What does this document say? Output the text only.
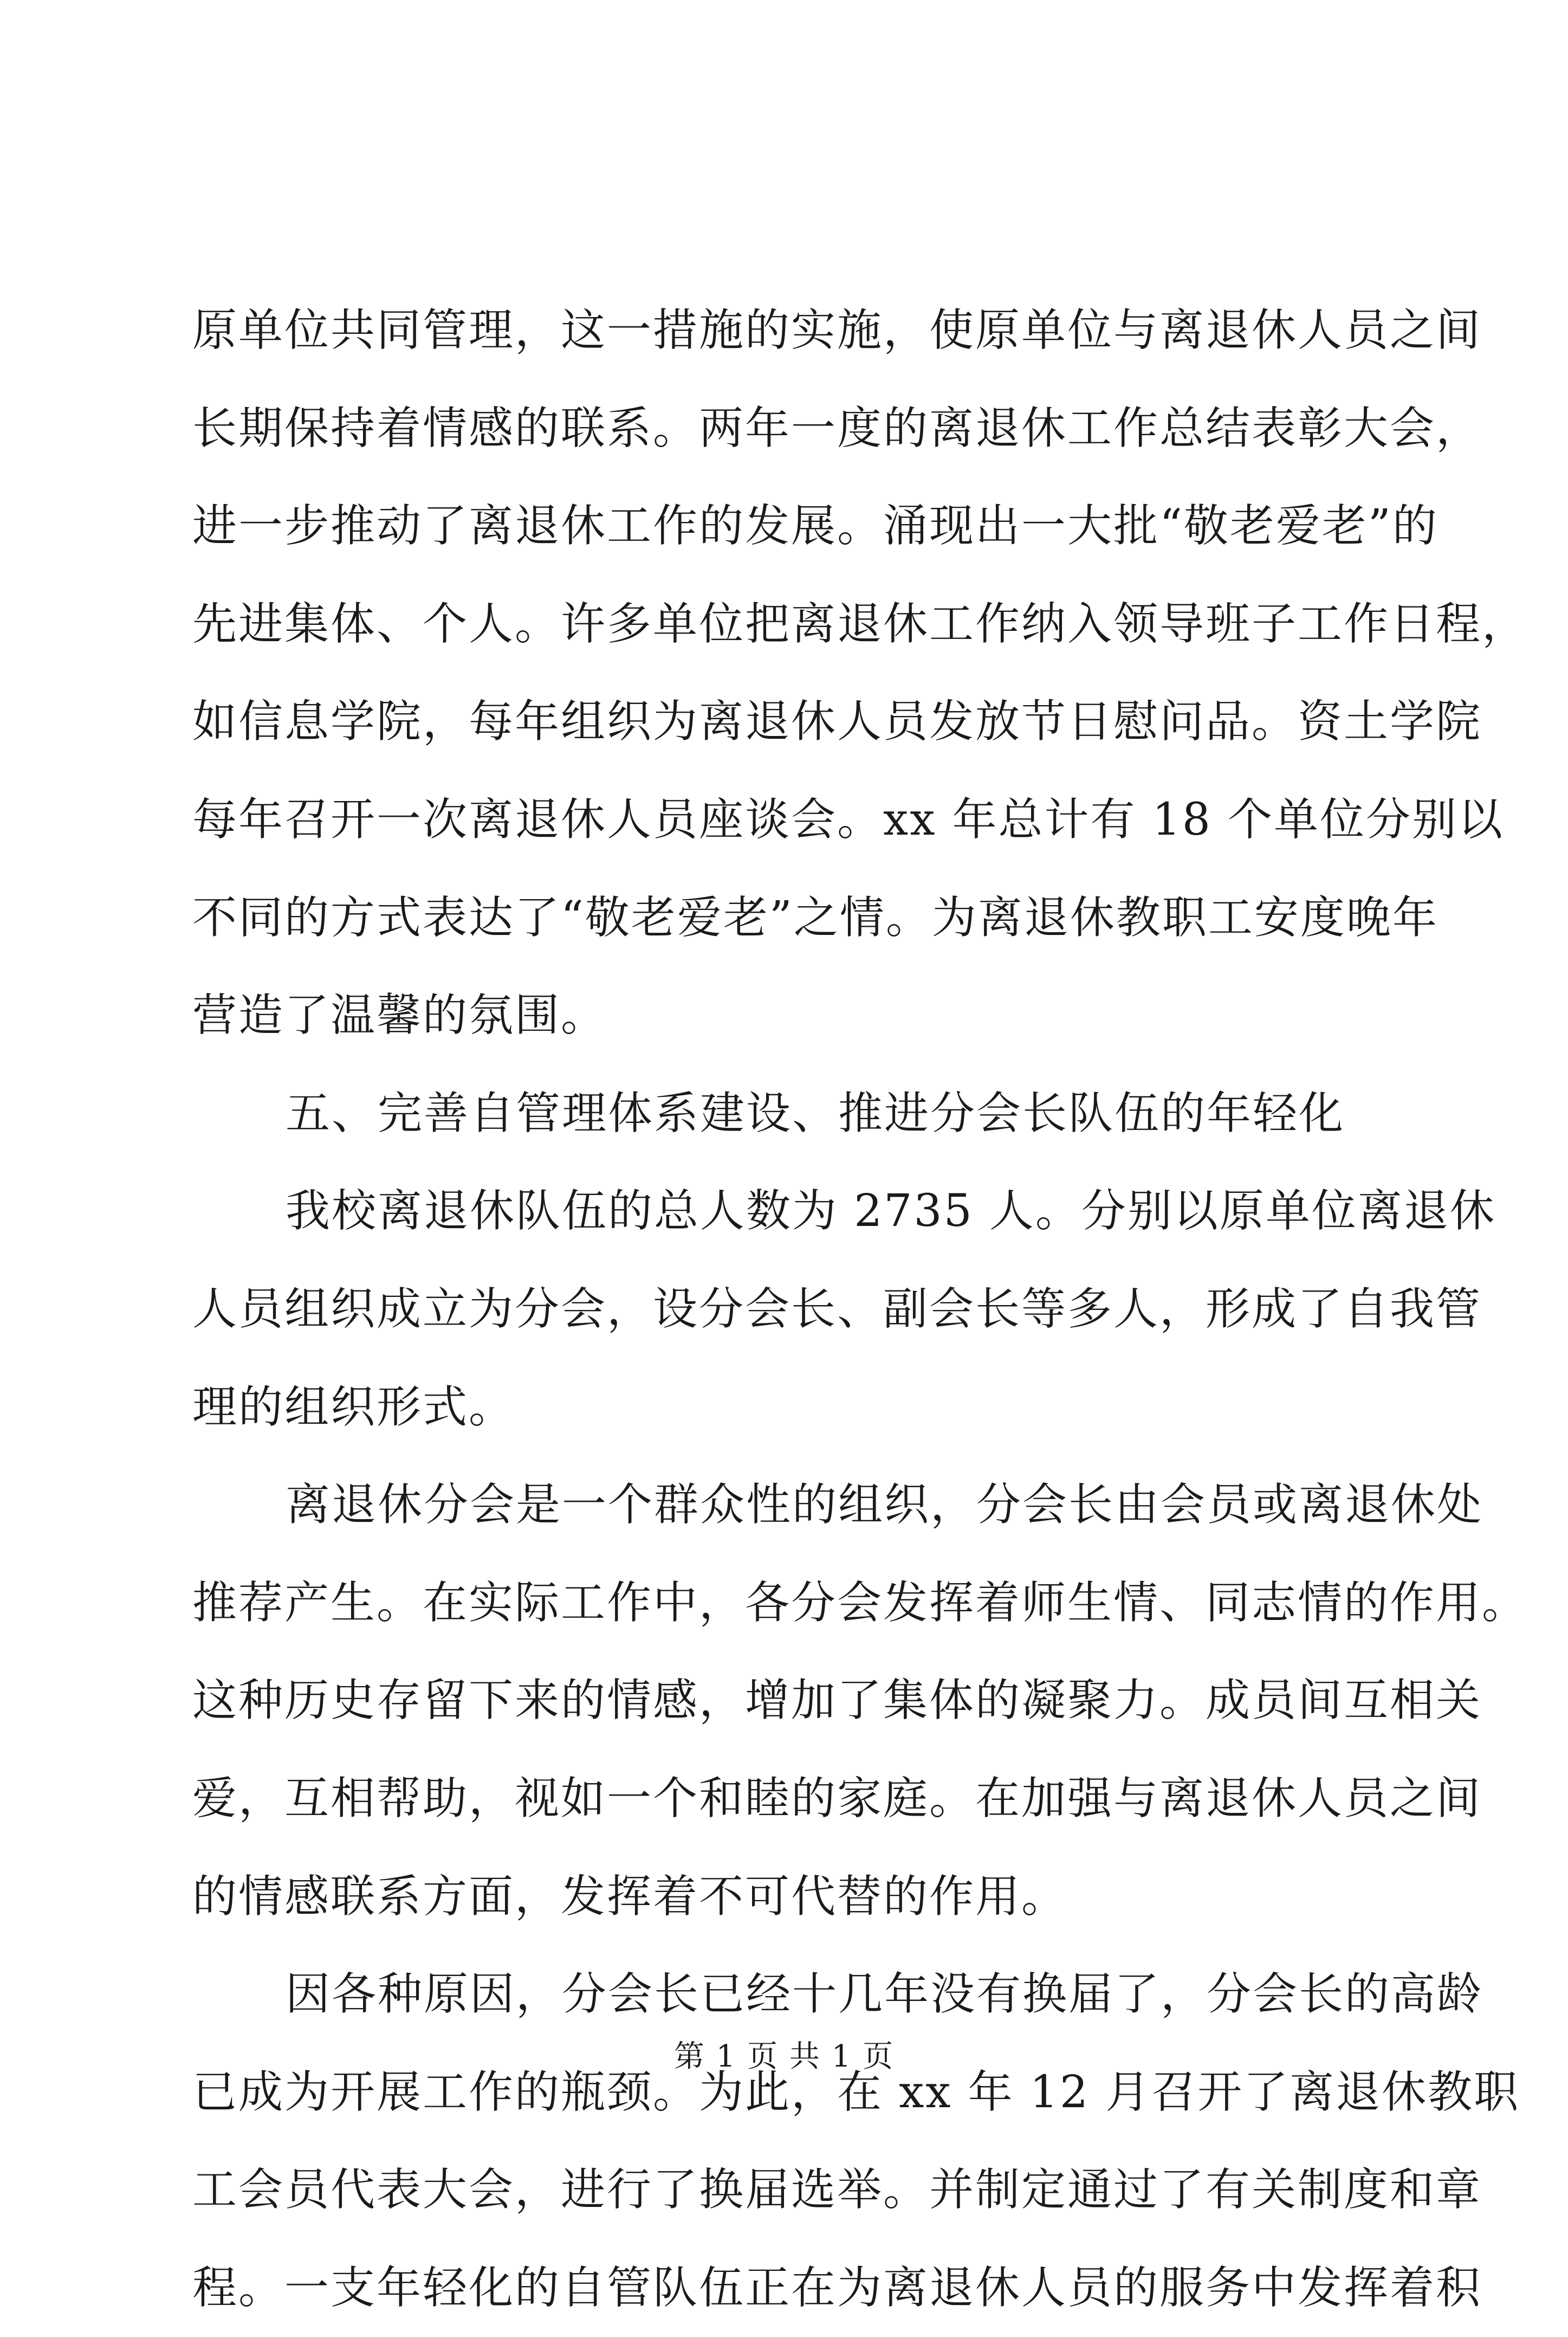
原单位共同管理，这一措施的实施，使原单位与离退休人员之间
长期保持着情感的联系。两年一度的离退休工作总结表彰大会，
进一步推动了离退休工作的发展。涌现出一大批“敬老爱老”的
先进集体、个人。许多单位把离退休工作纳入领导班子工作日程，
如信息学院，每年组织为离退休人员发放节日慰问品。资土学院
每年召开一次离退休人员座谈会。xx 年总计有 18 个单位分别以
不同的方式表达了“敬老爱老”之情。为离退休教职工安度晚年
营造了温馨的氛围。
五、完善自管理体系建设、推进分会长队伍的年轻化
我校离退休队伍的总人数为 2735 人。分别以原单位离退休
人员组织成立为分会，设分会长、副会长等多人，形成了自我管
理的组织形式。
离退休分会是一个群众性的组织，分会长由会员或离退休处
推荐产生。在实际工作中，各分会发挥着师生情、同志情的作用。
这种历史存留下来的情感，增加了集体的凝聚力。成员间互相关
爱，互相帮助，视如一个和睦的家庭。在加强与离退休人员之间
的情感联系方面，发挥着不可代替的作用。
因各种原因，分会长已经十几年没有换届了，分会长的高龄
已成为开展工作的瓶颈。为此，在 xx 年 12 月召开了离退休教职
工会员代表大会，进行了换届选举。并制定通过了有关制度和章
程。一支年轻化的自管队伍正在为离退休人员的服务中发挥着积
第 1 页 共 1 页
